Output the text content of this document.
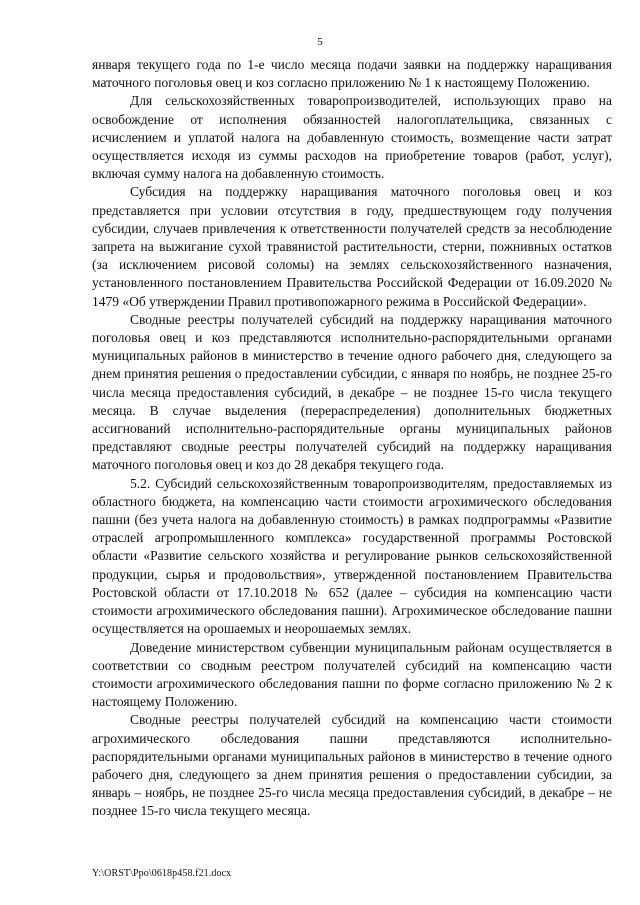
5

января текущего года по 1-е число месяца подачи заявки на поддержку наращивания маточного поголовья овец и коз согласно приложению № 1 к настоящему Положению.

Для сельскохозяйственных товаропроизводителей, использующих право на освобождение от исполнения обязанностей налогоплательщика, связанных с исчислением и уплатой налога на добавленную стоимость, возмещение части затрат осуществляется исходя из суммы расходов на приобретение товаров (работ, услуг), включая сумму налога на добавленную стоимость.

Субсидия на поддержку наращивания маточного поголовья овец и коз представляется при условии отсутствия в году, предшествующем году получения субсидии, случаев привлечения к ответственности получателей средств за несоблюдение запрета на выжигание сухой травянистой растительности, стерни, пожнивных остатков (за исключением рисовой соломы) на землях сельскохозяйственного назначения, установленного постановлением Правительства Российской Федерации от 16.09.2020 № 1479 «Об утверждении Правил противопожарного режима в Российской Федерации».

Сводные реестры получателей субсидий на поддержку наращивания маточного поголовья овец и коз представляются исполнительно-распорядительными органами муниципальных районов в министерство в течение одного рабочего дня, следующего за днем принятия решения о предоставлении субсидии, с января по ноябрь, не позднее 25-го числа месяца предоставления субсидий, в декабре – не позднее 15-го числа текущего месяца. В случае выделения (перераспределения) дополнительных бюджетных ассигнований исполнительно-распорядительные органы муниципальных районов представляют сводные реестры получателей субсидий на поддержку наращивания маточного поголовья овец и коз до 28 декабря текущего года.

5.2. Субсидий сельскохозяйственным товаропроизводителям, предоставляемых из областного бюджета, на компенсацию части стоимости агрохимического обследования пашни (без учета налога на добавленную стоимость) в рамках подпрограммы «Развитие отраслей агропромышленного комплекса» государственной программы Ростовской области «Развитие сельского хозяйства и регулирование рынков сельскохозяйственной продукции, сырья и продовольствия», утвержденной постановлением Правительства Ростовской области от 17.10.2018 № 652 (далее – субсидия на компенсацию части стоимости агрохимического обследования пашни). Агрохимическое обследование пашни осуществляется на орошаемых и неорошаемых землях.

Доведение министерством субвенции муниципальным районам осуществляется в соответствии со сводным реестром получателей субсидий на компенсацию части стоимости агрохимического обследования пашни по форме согласно приложению № 2 к настоящему Положению.

Сводные реестры получателей субсидий на компенсацию части стоимости агрохимического обследования пашни представляются исполнительно-распорядительными органами муниципальных районов в министерство в течение одного рабочего дня, следующего за днем принятия решения о предоставлении субсидии, за январь – ноябрь, не позднее 25-го числа месяца предоставления субсидий, в декабре – не позднее 15-го числа текущего месяца.

Y:\ORST\Ppo\0618p458.f21.docx
